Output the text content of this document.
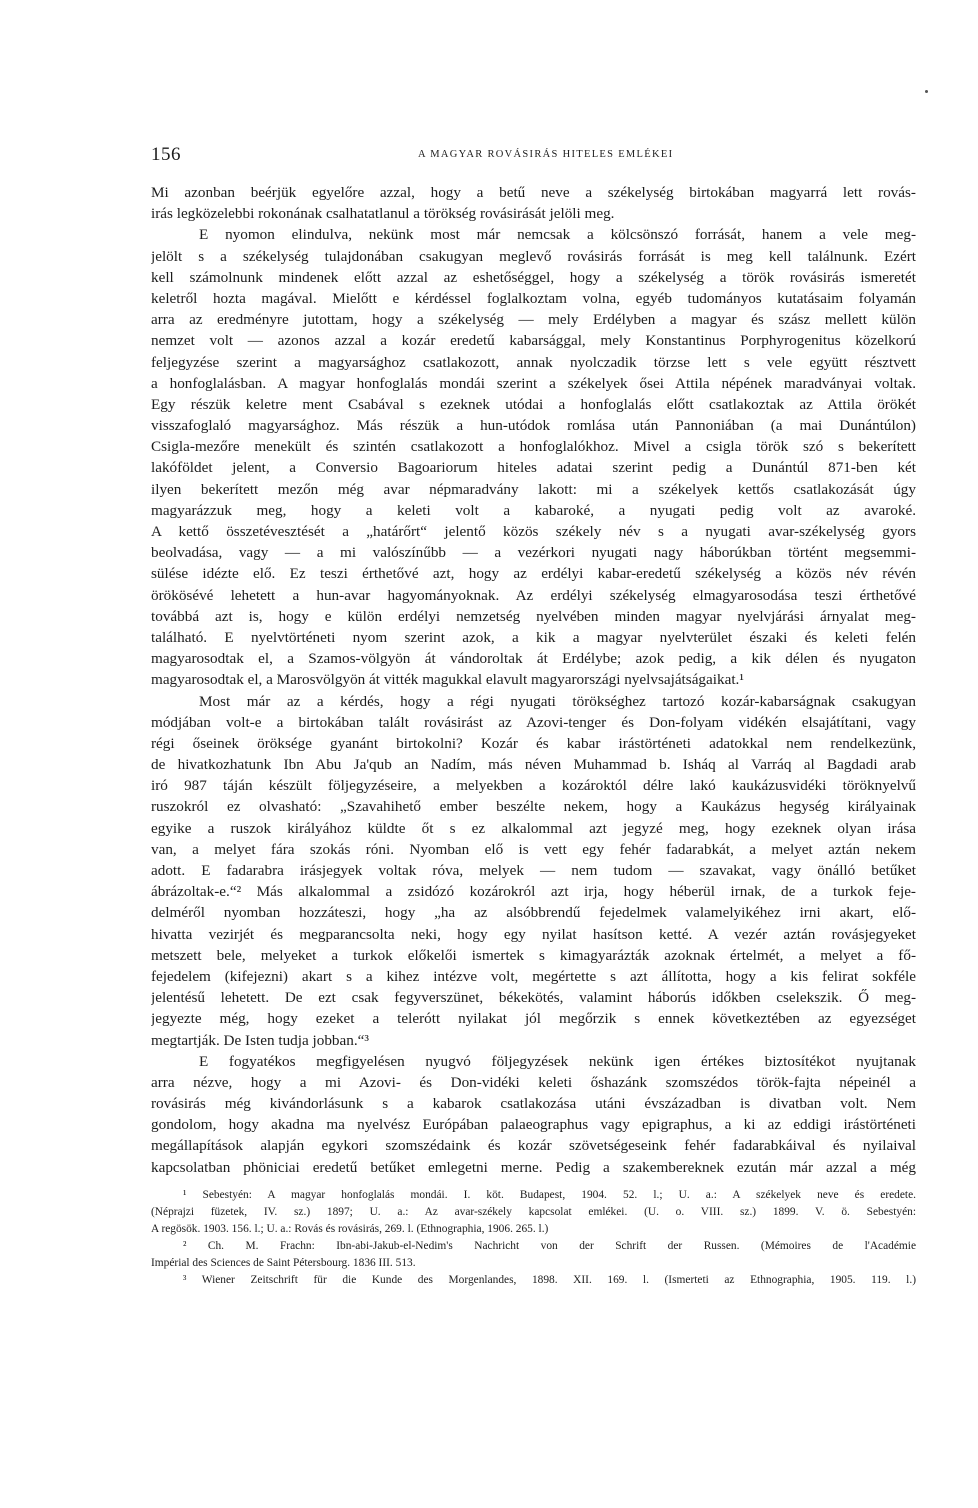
156	A MAGYAR ROVÁSIRÁS HITELES EMLÉKEI
Mi azonban beérjük egyelőre azzal, hogy a betű neve a székelység birtokában magyarrá lett rovás-
irás legközelebbi rokonának csalhatatlanul a törökség rovásirását jelöli meg.
E nyomon elindulva, nekünk most már nemcsak a kölcsönszó forrását, hanem a vele meg-
jelölt s a székelység tulajdonában csakugyan meglevő rovásirás forrását is meg kell találnunk. Ezért
kell számolnunk mindenek előtt azzal az eshetőséggel, hogy a székelység a török rovásirás ismeretét
keletről hozta magával. Mielőtt e kérdéssel foglalkoztam volna, egyéb tudományos kutatásaim folyamán
arra az eredményre jutottam, hogy a székelység — mely Erdélyben a magyar és szász mellett külön
nemzet volt — azonos azzal a kozár eredetű kabarsággal, mely Konstantinus Porphyrogenitus közelkorú
feljegyzése szerint a magyarsághoz csatlakozott, annak nyolczadik törzse lett s vele együtt résztvett
a honfoglalásban. A magyar honfoglalás mondái szerint a székelyek ősei Attila népének maradványai voltak.
Egy részük keletre ment Csabával s ezeknek utódai a honfoglalás előtt csatlakoztak az Attila örökét
visszafoglaló magyarsághoz. Más részük a hun-utódok romlása után Pannoniában (a mai Dunántúlon)
Csigla-mezőre menekült és szintén csatlakozott a honfoglalókhoz. Mivel a csigla török szó s bekerített
lakóföldet jelent, a Conversio Bagoariorum hiteles adatai szerint pedig a Dunántúl 871-ben két
ilyen bekerített mezőn még avar népmaradvány lakott: mi a székelyek kettős csatlakozását úgy
magyarázzuk meg, hogy a keleti volt a kabaroké, a nyugati pedig volt az avaroké.
A kettő összetévesztését a „határőrt“ jelentő közös székely név s a nyugati avar-székelység gyors
beolvadása, vagy — a mi valószínűbb — a vezérkori nyugati nagy háborúkban történt megsemmi-
sülése idézte elő. Ez teszi érthetővé azt, hogy az erdélyi kabar-eredetű székelység a közös név révén
örökösévé lehetett a hun-avar hagyományoknak. Az erdélyi székelység elmagyarosodása teszi érthetővé
továbbá azt is, hogy e külön erdélyi nemzetség nyelvében minden magyar nyelvjárási árnyalat meg-
található. E nyelvtörténeti nyom szerint azok, a kik a magyar nyelvterület északi és keleti felén
magyarosodtak el, a Szamos-völgyön át vándoroltak át Erdélybe; azok pedig, a kik délen és nyugaton
magyarosodtak el, a Marosvölgyön át vitték magukkal elavult magyarországi nyelvsajátságaikat.¹
Most már az a kérdés, hogy a régi nyugati törökséghez tartozó kozár-kabarságnak csakugyan
módjában volt-e a birtokában talált rovásirást az Azovi-tenger és Don-folyam vidékén elsajátítani, vagy
régi őseinek öröksége gyanánt birtokolni? Kozár és kabar irástörténeti adatokkal nem rendelkezünk,
de hivatkozhatunk Ibn Abu Ja'qub an Nadím, más néven Muhammad b. Isháq al Varráq al Bagdadi arab
iró 987 táján készült följegyzéseire, a melyekben a kozároktól délre lakó kaukázusvidéki töröknyelvű
ruszokról ez olvasható: „Szavahihető ember beszélte nekem, hogy a Kaukázus hegység királyainak
egyike a ruszok királyához küldte őt s ez alkalommal azt jegyzé meg, hogy ezeknek olyan irása
van, a melyet fára szokás róni. Nyomban elő is vett egy fehér fadarabkát, a melyet aztán nekem
adott. E fadarabra irásjegyek voltak róva, melyek — nem tudom — szavakat, vagy önálló betűket
ábrázoltak-e.“² Más alkalommal a zsidózó kozárokról azt irja, hogy héberül irnak, de a turkok feje-
delméről nyomban hozzáteszi, hogy „ha az alsóbbrendű fejedelmek valamelyikéhez irni akart, elő-
hivatta vezirjét és megparancsolta neki, hogy egy nyilat hasítson ketté. A vezér aztán rovásjegyeket
metszett bele, melyeket a turkok előkelői ismertek s kimagyarázták azoknak értelmét, a melyet a fő-
fejedelem (kifejezni) akart s a kihez intézve volt, megértette s azt állította, hogy a kis felirat sokféle
jelentésű lehetett. De ezt csak fegyverszünet, békekötés, valamint háborús időkben cselekszik. Ő meg-
jegyezte még, hogy ezeket a telerótt nyilakat jól megőrzik s ennek következtében az egyezséget
megtartják. De Isten tudja jobban.“³
E fogyatékos megfigyelésen nyugvó följegyzések nekünk igen értékes biztosítékot nyujtanak
arra nézve, hogy a mi Azovi- és Don-vidéki keleti őshazánk szomszédos török-fajta népeinél a
rovásirás még kivándorlásunk s a kabarok csatlakozása utáni évszázadban is divatban volt. Nem
gondolom, hogy akadna ma nyelvész Európában palaeographus vagy epigraphus, a ki az eddigi irástörténeti
megállapítások alapján egykori szomszédaink és kozár szövetségeseink fehér fadarabkáival és nyilaival
kapcsolatban phöniciai eredetű betűket emlegetni merne. Pedig a szakembereknek ezután már azzal a még
¹ Sebestyén: A magyar honfoglalás mondái. I. köt. Budapest, 1904. 52. l.; U. a.: A székelyek neve és eredete.
(Néprajzi füzetek, IV. sz.) 1897; U. a.: Az avar-székely kapcsolat emlékei. (U. o. VIII. sz.) 1899. V. ö. Sebestyén:
A regösök. 1903. 156. l.; U. a.: Rovás és rovásirás, 269. l. (Ethnographia, 1906. 265. l.)
² Ch. M. Frachn: Ibn-abi-Jakub-el-Nedim's Nachricht von der Schrift der Russen. (Mémoires de l'Académie
Impérial des Sciences de Saint Pétersbourg. 1836 III. 513.
³ Wiener Zeitschrift für die Kunde des Morgenlandes, 1898. XII. 169. l. (Ismerteti az Ethnographia, 1905. 119. l.)
